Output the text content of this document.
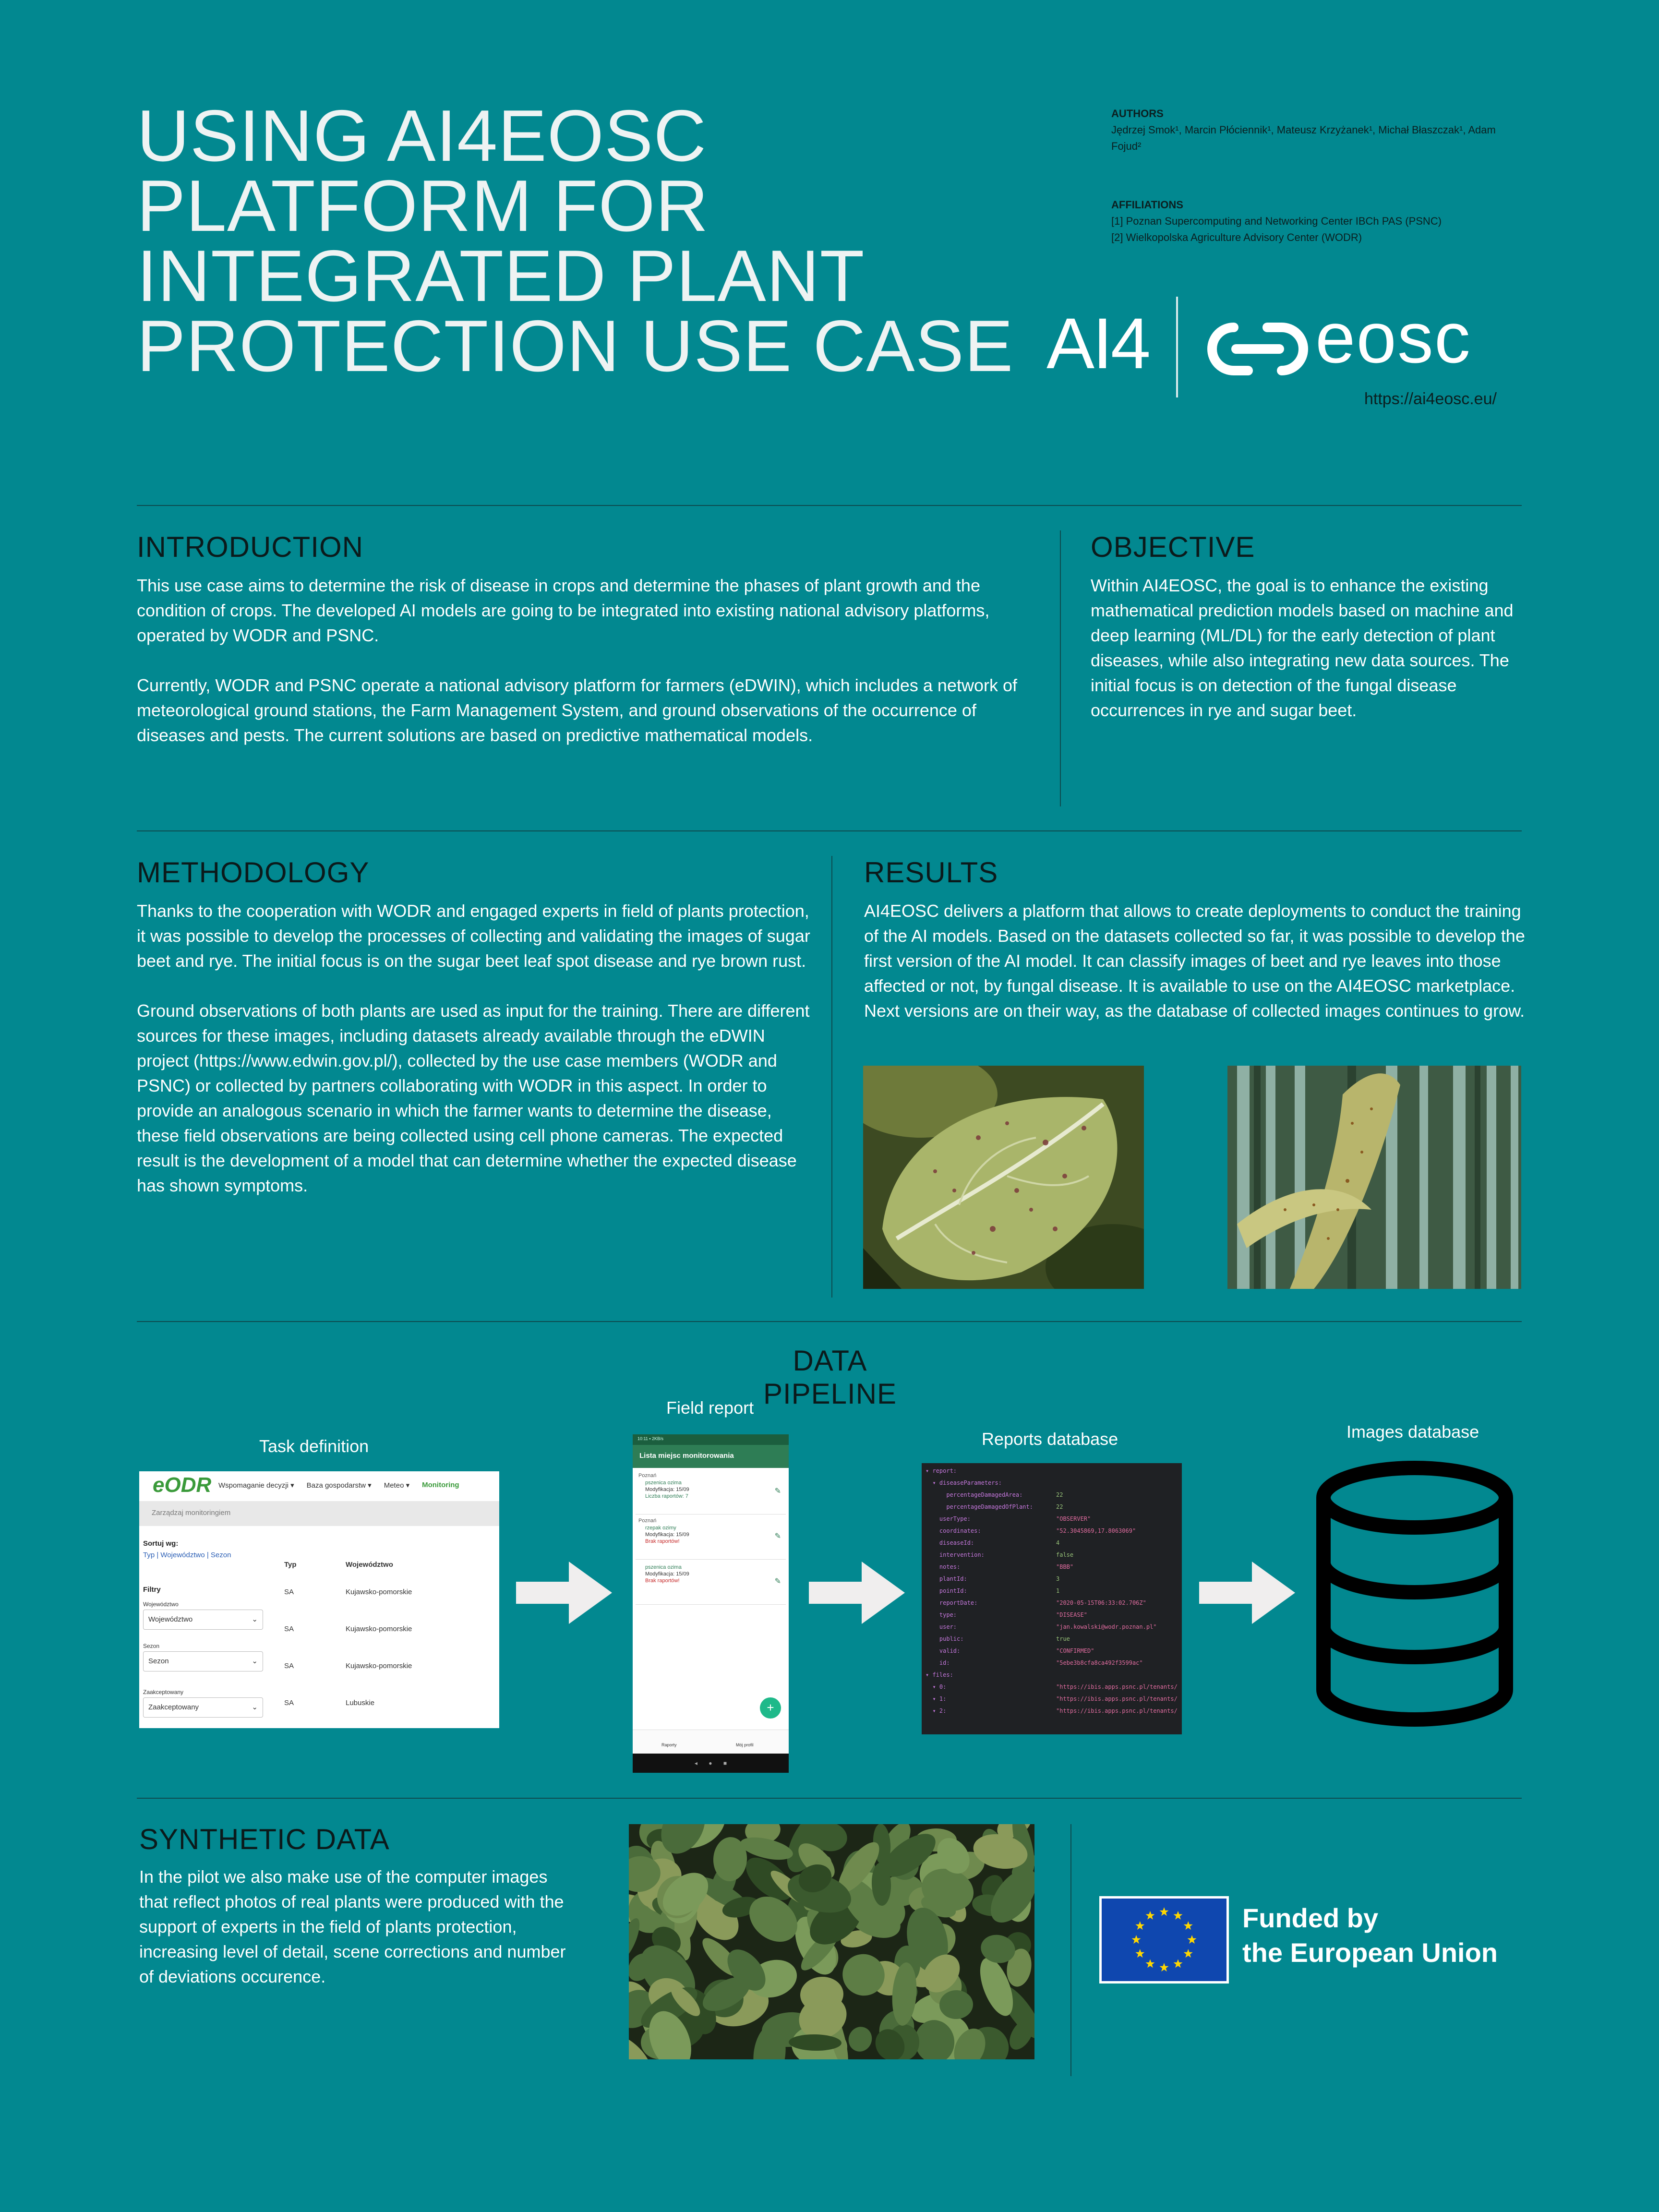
USING AI4EOSC
PLATFORM FOR
INTEGRATED PLANT
PROTECTION USE CASE
AUTHORS
Jędrzej Smok¹, Marcin Płóciennik¹, Mateusz Krzyżanek¹, Michał Błaszczak¹, Adam
Fojud²
AFFILIATIONS
[1] Poznan Supercomputing and Networking Center IBCh PAS (PSNC)
[2] Wielkopolska Agriculture Advisory Center (WODR)
AI4 eosc
https://ai4eosc.eu/
INTRODUCTION

This use case aims to determine the risk of disease in crops and determine the phases of plant growth and the condition of crops. The developed AI models are going to be integrated into existing national advisory platforms, operated by WODR and PSNC.

Currently, WODR and PSNC operate a national advisory platform for farmers (eDWIN), which includes a network of meteorological ground stations, the Farm Management System, and ground observations of the occurrence of diseases and pests. The current solutions are based on predictive mathematical models.

OBJECTIVE

Within AI4EOSC, the goal is to enhance the existing mathematical prediction models based on machine and deep learning (ML/DL) for the early detection of plant diseases, while also integrating new data sources. The initial focus is on detection of the fungal disease occurrences in rye and sugar beet.

METHODOLOGY

Thanks to the cooperation with WODR and engaged experts in field of plants protection, it was possible to develop the processes of collecting and validating the images of sugar beet and rye. The initial focus is on the sugar beet leaf spot disease and rye brown rust.

Ground observations of both plants are used as input for the training. There are different sources for these images, including datasets already available through the eDWIN project (https://www.edwin.gov.pl/), collected by the use case members (WODR and PSNC) or collected by partners collaborating with WODR in this aspect. In order to provide an analogous scenario in which the farmer wants to determine the disease, these field observations are being collected using cell phone cameras. The expected result is the development of a model that can determine whether the expected disease has shown symptoms.

RESULTS

AI4EOSC delivers a platform that allows to create deployments to conduct the training of the AI models. Based on the datasets collected so far, it was possible to develop the first version of the AI model. It can classify images of beet and rye leaves into those affected or not, by fungal disease. It is available to use on the AI4EOSC marketplace. Next versions are on their way, as the database of collected images continues to grow.

DATA PIPELINE
Task definition
Field report
Reports database	Images database
eODR Wspomaganie decyzji ▾ Baza gospodarstw ▾ Meteo ▾ Monitoring
Zarządzaj monitoringiem
Sortuj wg:
Typ | Województwo | Sezon
Filtry
Województwo
Województwo	⌄
Sezon
Sezon	⌄
Zaakceptowany
Zaakceptowany	⌄
Typ	Województwo
SA	Kujawsko-pomorskie
SA	Kujawsko-pomorskie
SA	Kujawsko-pomorskie
SA	Lubuskie
10:11 ▪ 2KB/s
Lista miejsc monitorowania
Poznań
pszenica ozima
Modyfikacja: 15/09
Liczba raportów: 7
✎
Poznań
rzepak ozimy
Modyfikacja: 15/09
Brak raportów!
✎
pszenica ozima
Modyfikacja: 15/09
Brak raportów!	✎
+
Raporty	Mój profil
◂       ●       ■
▾ report:
▾ diseaseParameters:
percentageDamagedArea:	22
percentageDamagedOfPlant:	22
userType:	"OBSERVER"
coordinates:	"52.3045869,17.8063069"
diseaseId:	4
intervention:	false
notes:	"BBB"
plantId:	3
pointId:	1
reportDate:	"2020-05-15T06:33:02.706Z"
type:	"DISEASE"
user:	"jan.kowalski@wodr.poznan.pl"
public:	true
valid:	"CONFIRMED"
id:	"5ebe3b8cfa8ca492f3599ac"
▾ files:
▾ 0:	"https://ibis.apps.psnc.pl/tenants/
▾ 1:	"https://ibis.apps.psnc.pl/tenants/
▾ 2:	"https://ibis.apps.psnc.pl/tenants/
SYNTHETIC DATA

In the pilot we also make use of the computer images that reflect photos of real plants were produced with the support of experts in the field of plants protection, increasing level of detail, scene corrections and number of deviations occurence.

Funded by
the European Union
